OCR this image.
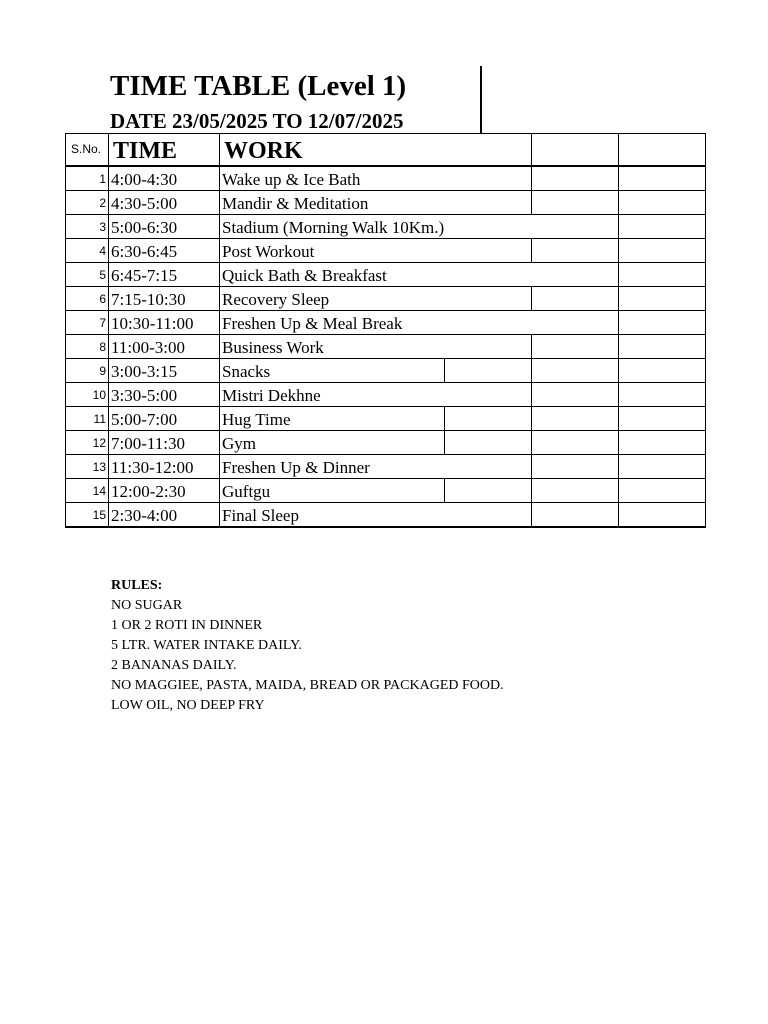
TIME TABLE (Level 1)
DATE 23/05/2025 TO 12/07/2025
S.No.	TIME	WORK			
1	4:00-4:30	Wake up & Ice Bath			
2	4:30-5:00	Mandir & Meditation			
3	5:00-6:30	Stadium (Morning Walk 10Km.)			
4	6:30-6:45	Post Workout			
5	6:45-7:15	Quick Bath & Breakfast			
6	7:15-10:30	Recovery Sleep			
7	10:30-11:00	Freshen Up & Meal Break			
8	11:00-3:00	Business Work			
9	3:00-3:15	Snacks			
10	3:30-5:00	Mistri Dekhne			
11	5:00-7:00	Hug Time			
12	7:00-11:30	Gym			
13	11:30-12:00	Freshen Up & Dinner			
14	12:00-2:30	Guftgu			
15	2:30-4:00	Final Sleep			
RULES:
NO SUGAR
1 OR 2 ROTI IN DINNER
5 LTR. WATER INTAKE DAILY.
2 BANANAS DAILY.
NO MAGGIEE, PASTA, MAIDA, BREAD OR PACKAGED FOOD.
LOW OIL, NO DEEP FRY
